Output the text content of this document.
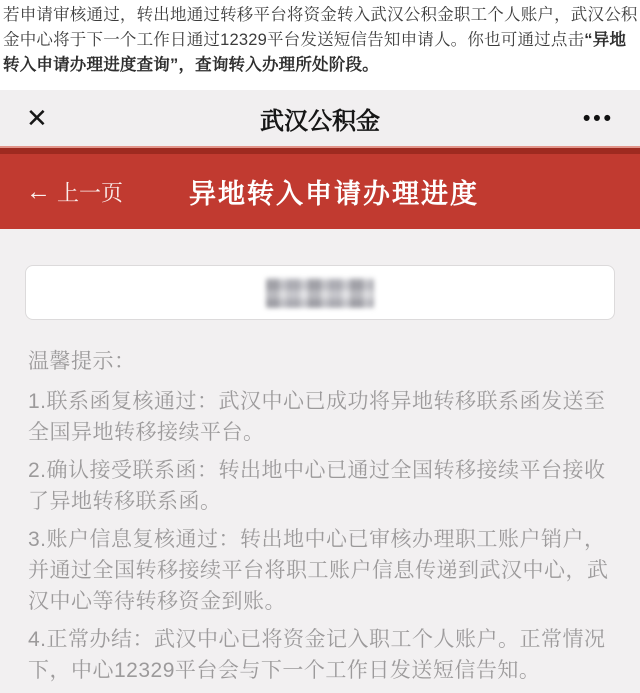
若申请审核通过，转出地通过转移平台将资金转入武汉公积金职工个人账户，武汉公积金中心将于下一个工作日通过12329平台发送短信告知申请人。你也可通过点击“异地转入申请办理进度查询”，查询转入办理所处阶段。
✕	武汉公积金	•••
← 上一页 异地转入申请办理进度
温馨提示：
1.联系函复核通过：武汉中心已成功将异地转移联系函发送至全国异地转移接续平台。
2.确认接受联系函：转出地中心已通过全国转移接续平台接收了异地转移联系函。
3.账户信息复核通过：转出地中心已审核办理职工账户销户，并通过全国转移接续平台将职工账户信息传递到武汉中心，武汉中心等待转移资金到账。
4.正常办结：武汉中心已将资金记入职工个人账户。正常情况下，中心12329平台会与下一个工作日发送短信告知。
